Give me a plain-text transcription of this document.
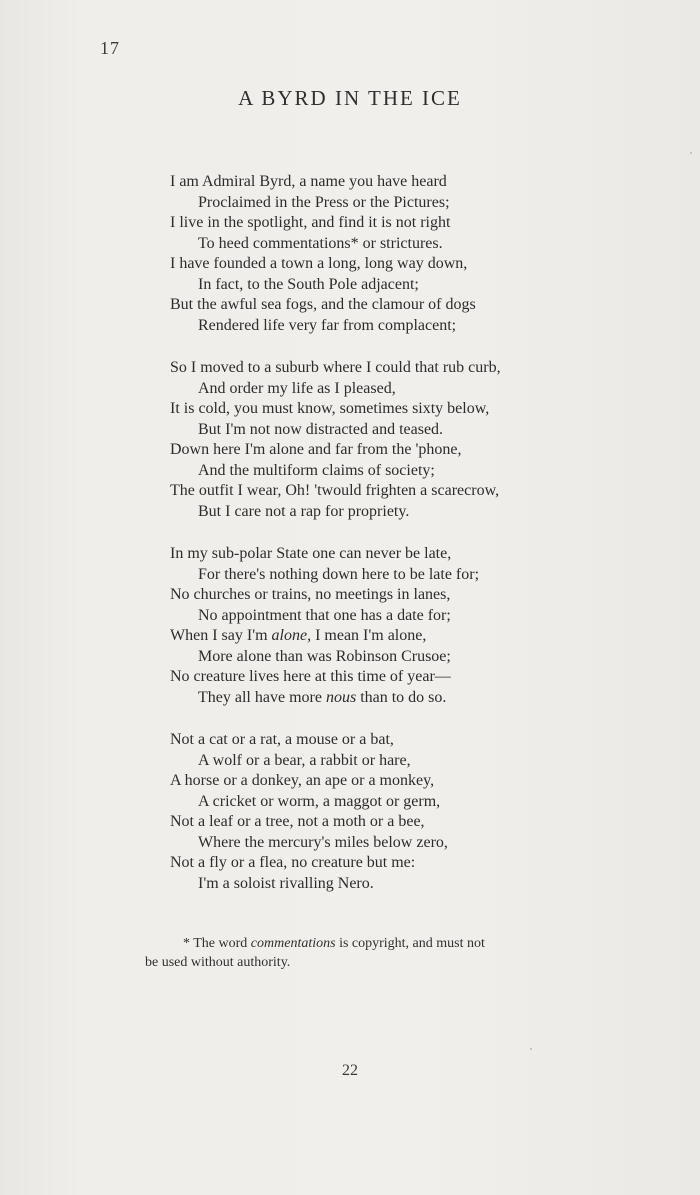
17
A BYRD IN THE ICE
I am Admiral Byrd, a name you have heard
Proclaimed in the Press or the Pictures;
I live in the spotlight, and find it is not right
To heed commentations* or strictures.
I have founded a town a long, long way down,
In fact, to the South Pole adjacent;
But the awful sea fogs, and the clamour of dogs
Rendered life very far from complacent;
So I moved to a suburb where I could that rub curb,
And order my life as I pleased,
It is cold, you must know, sometimes sixty below,
But I'm not now distracted and teased.
Down here I'm alone and far from the 'phone,
And the multiform claims of society;
The outfit I wear, Oh! 'twould frighten a scarecrow,
But I care not a rap for propriety.
In my sub-polar State one can never be late,
For there's nothing down here to be late for;
No churches or trains, no meetings in lanes,
No appointment that one has a date for;
When I say I'm alone, I mean I'm alone,
More alone than was Robinson Crusoe;
No creature lives here at this time of year—
They all have more nous than to do so.
Not a cat or a rat, a mouse or a bat,
A wolf or a bear, a rabbit or hare,
A horse or a donkey, an ape or a monkey,
A cricket or worm, a maggot or germ,
Not a leaf or a tree, not a moth or a bee,
Where the mercury's miles below zero,
Not a fly or a flea, no creature but me:
I'm a soloist rivalling Nero.
* The word commentations is copyright, and must not
be used without authority.
22
